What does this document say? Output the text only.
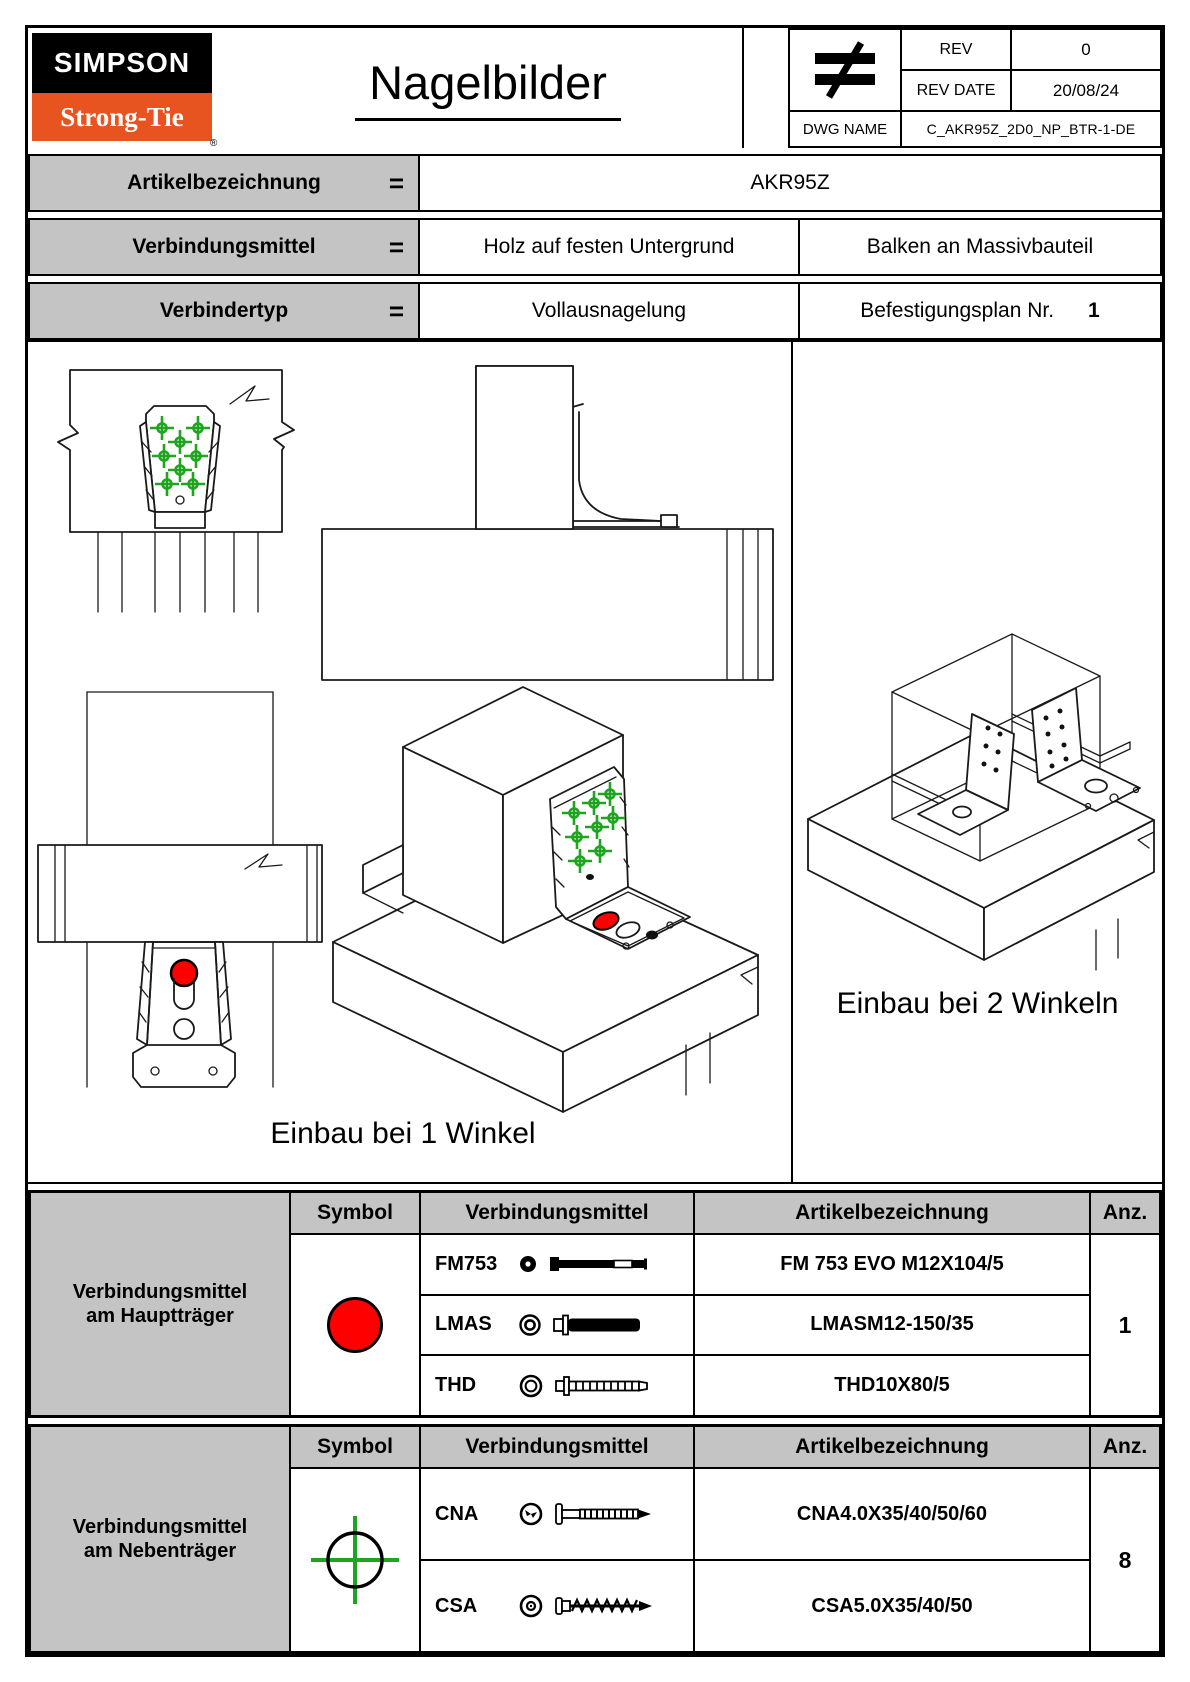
SIMPSON
Strong-Tie
®
Nagelbilder
REV	0
REV DATE	20/08/24
DWG NAME	C_AKR95Z_2D0_NP_BTR-1-DE
Artikelbezeichnung	=	AKR95Z
Verbindungsmittel	=	Holz auf festen Untergrund	Balken an Massivbauteil
Verbindertyp	=	Vollausnagelung	Befestigungsplan Nr. 1
Einbau bei 1 Winkel
Einbau bei 2 Winkeln
Verbindungsmittel
am Hauptträger
Symbol	Verbindungsmittel	Artikelbezeichnung	Anz.
FM753	FM 753 EVO M12X104/5
LMAS	LMASM12-150/35
THD	THD10X80/5
1
Verbindungsmittel
am Nebenträger
Symbol	Verbindungsmittel	Artikelbezeichnung	Anz.
CNA	CNA4.0X35/40/50/60
CSA	CSA5.0X35/40/50
8
